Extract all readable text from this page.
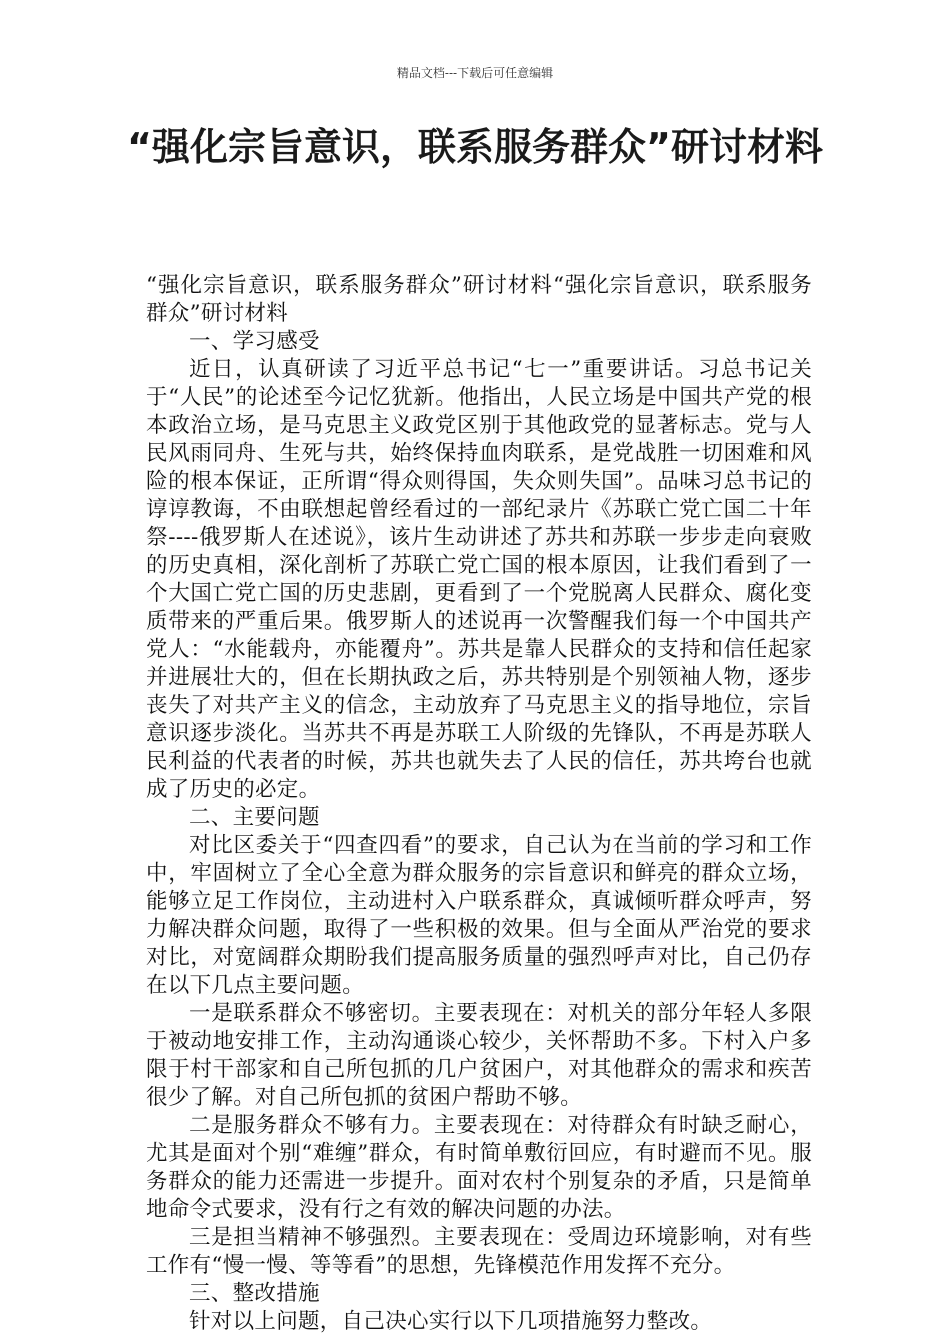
精品文档---下载后可任意编辑
“强化宗旨意识，联系服务群众”研讨材料

“强化宗旨意识，联系服务群众”研讨材料“强化宗旨意识，联系服务群众”研讨材料

一、学习感受

近日，认真研读了习近平总书记“七一”重要讲话。习总书记关于“人民”的论述至今记忆犹新。他指出，人民立场是中国共产党的根本政治立场，是马克思主义政党区别于其他政党的显著标志。党与人民风雨同舟、生死与共，始终保持血肉联系，是党战胜一切困难和风险的根本保证，正所谓“得众则得国，失众则失国”。品味习总书记的谆谆教诲，不由联想起曾经看过的一部纪录片《苏联亡党亡国二十年祭----俄罗斯人在述说》，该片生动讲述了苏共和苏联一步步走向衰败的历史真相，深化剖析了苏联亡党亡国的根本原因，让我们看到了一个大国亡党亡国的历史悲剧，更看到了一个党脱离人民群众、腐化变质带来的严重后果。俄罗斯人的述说再一次警醒我们每一个中国共产党人：“水能载舟，亦能覆舟”。苏共是靠人民群众的支持和信任起家并进展壮大的，但在长期执政之后，苏共特别是个别领袖人物，逐步丧失了对共产主义的信念，主动放弃了马克思主义的指导地位，宗旨意识逐步淡化。当苏共不再是苏联工人阶级的先锋队，不再是苏联人民利益的代表者的时候，苏共也就失去了人民的信任，苏共垮台也就成了历史的必定。

二、主要问题

对比区委关于“四查四看”的要求，自己认为在当前的学习和工作中，牢固树立了全心全意为群众服务的宗旨意识和鲜亮的群众立场，能够立足工作岗位，主动进村入户联系群众，真诚倾听群众呼声，努力解决群众问题，取得了一些积极的效果。但与全面从严治党的要求对比，对宽阔群众期盼我们提高服务质量的强烈呼声对比，自己仍存在以下几点主要问题。

一是联系群众不够密切。主要表现在：对机关的部分年轻人多限于被动地安排工作，主动沟通谈心较少，关怀帮助不多。下村入户多限于村干部家和自己所包抓的几户贫困户，对其他群众的需求和疾苦很少了解。对自己所包抓的贫困户帮助不够。

二是服务群众不够有力。主要表现在：对待群众有时缺乏耐心，尤其是面对个别“难缠”群众，有时简单敷衍回应，有时避而不见。服务群众的能力还需进一步提升。面对农村个别复杂的矛盾，只是简单地命令式要求，没有行之有效的解决问题的办法。

三是担当精神不够强烈。主要表现在：受周边环境影响，对有些工作有“慢一慢、等等看”的思想，先锋模范作用发挥不充分。

三、整改措施

针对以上问题，自己决心实行以下几项措施努力整改。
